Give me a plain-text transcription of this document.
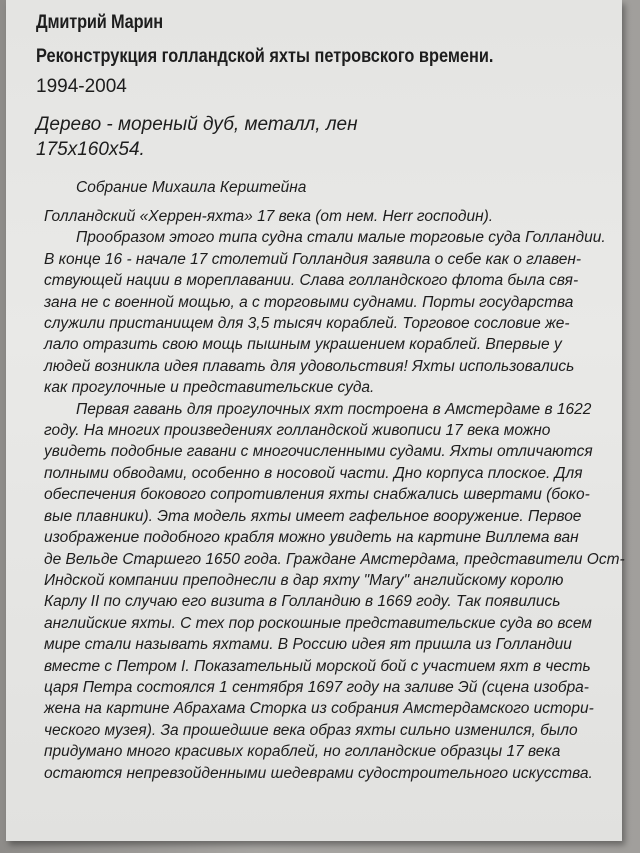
Дмитрий Марин
Реконструкция голландской яхты петровского времени.
1994-2004
Дерево - мореный дуб, металл, лен
175х160х54.
Собрание Михаила Керштейна
Голландский «Херрен-яхта» 17 века (от нем. Herr господин).
Прообразом этого типа судна стали малые торговые суда Голландии.
В конце 16 - начале 17 столетий Голландия заявила о себе как о главен-
ствующей нации в мореплавании. Слава голландского флота была свя-
зана не с военной мощью, а с торговыми суднами. Порты государства
служили пристанищем для 3,5 тысяч кораблей. Торговое сословие же-
лало отразить свою мощь пышным украшением кораблей. Впервые у
людей возникла идея плавать для удовольствия! Яхты использовались
как прогулочные и представительские суда.
Первая гавань для прогулочных яхт построена в Амстердаме в 1622
году. На многих произведениях голландской живописи 17 века можно
увидеть подобные гавани с многочисленными судами. Яхты отличаются
полными обводами, особенно в носовой части. Дно корпуса плоское. Для
обеспечения бокового сопротивления яхты снабжались швертами (боко-
вые плавники). Эта модель яхты имеет гафельное вооружение. Первое
изображение подобного крабля можно увидеть на картине Виллема ван
де Вельде Старшего 1650 года. Граждане Амстердама, представители Ост-
Индской компании преподнесли в дар яхту "Mary" английскому королю
Карлу II по случаю его визита в Голландию в 1669 году. Так появились
английские яхты. С тех пор роскошные представительские суда во всем
мире стали называть яхтами. В Россию идея ят пришла из Голландии
вместе с Петром I. Показательный морской бой с участием яхт в честь
царя Петра состоялся 1 сентября 1697 году на заливе Эй (сцена изобра-
жена на картине Абрахама Сторка из собрания Амстердамского истори-
ческого музея). За прошедшие века образ яхты сильно изменился, было
придумано много красивых кораблей, но голландские образцы 17 века
остаются непревзойденными шедеврами судостроительного искусства.
